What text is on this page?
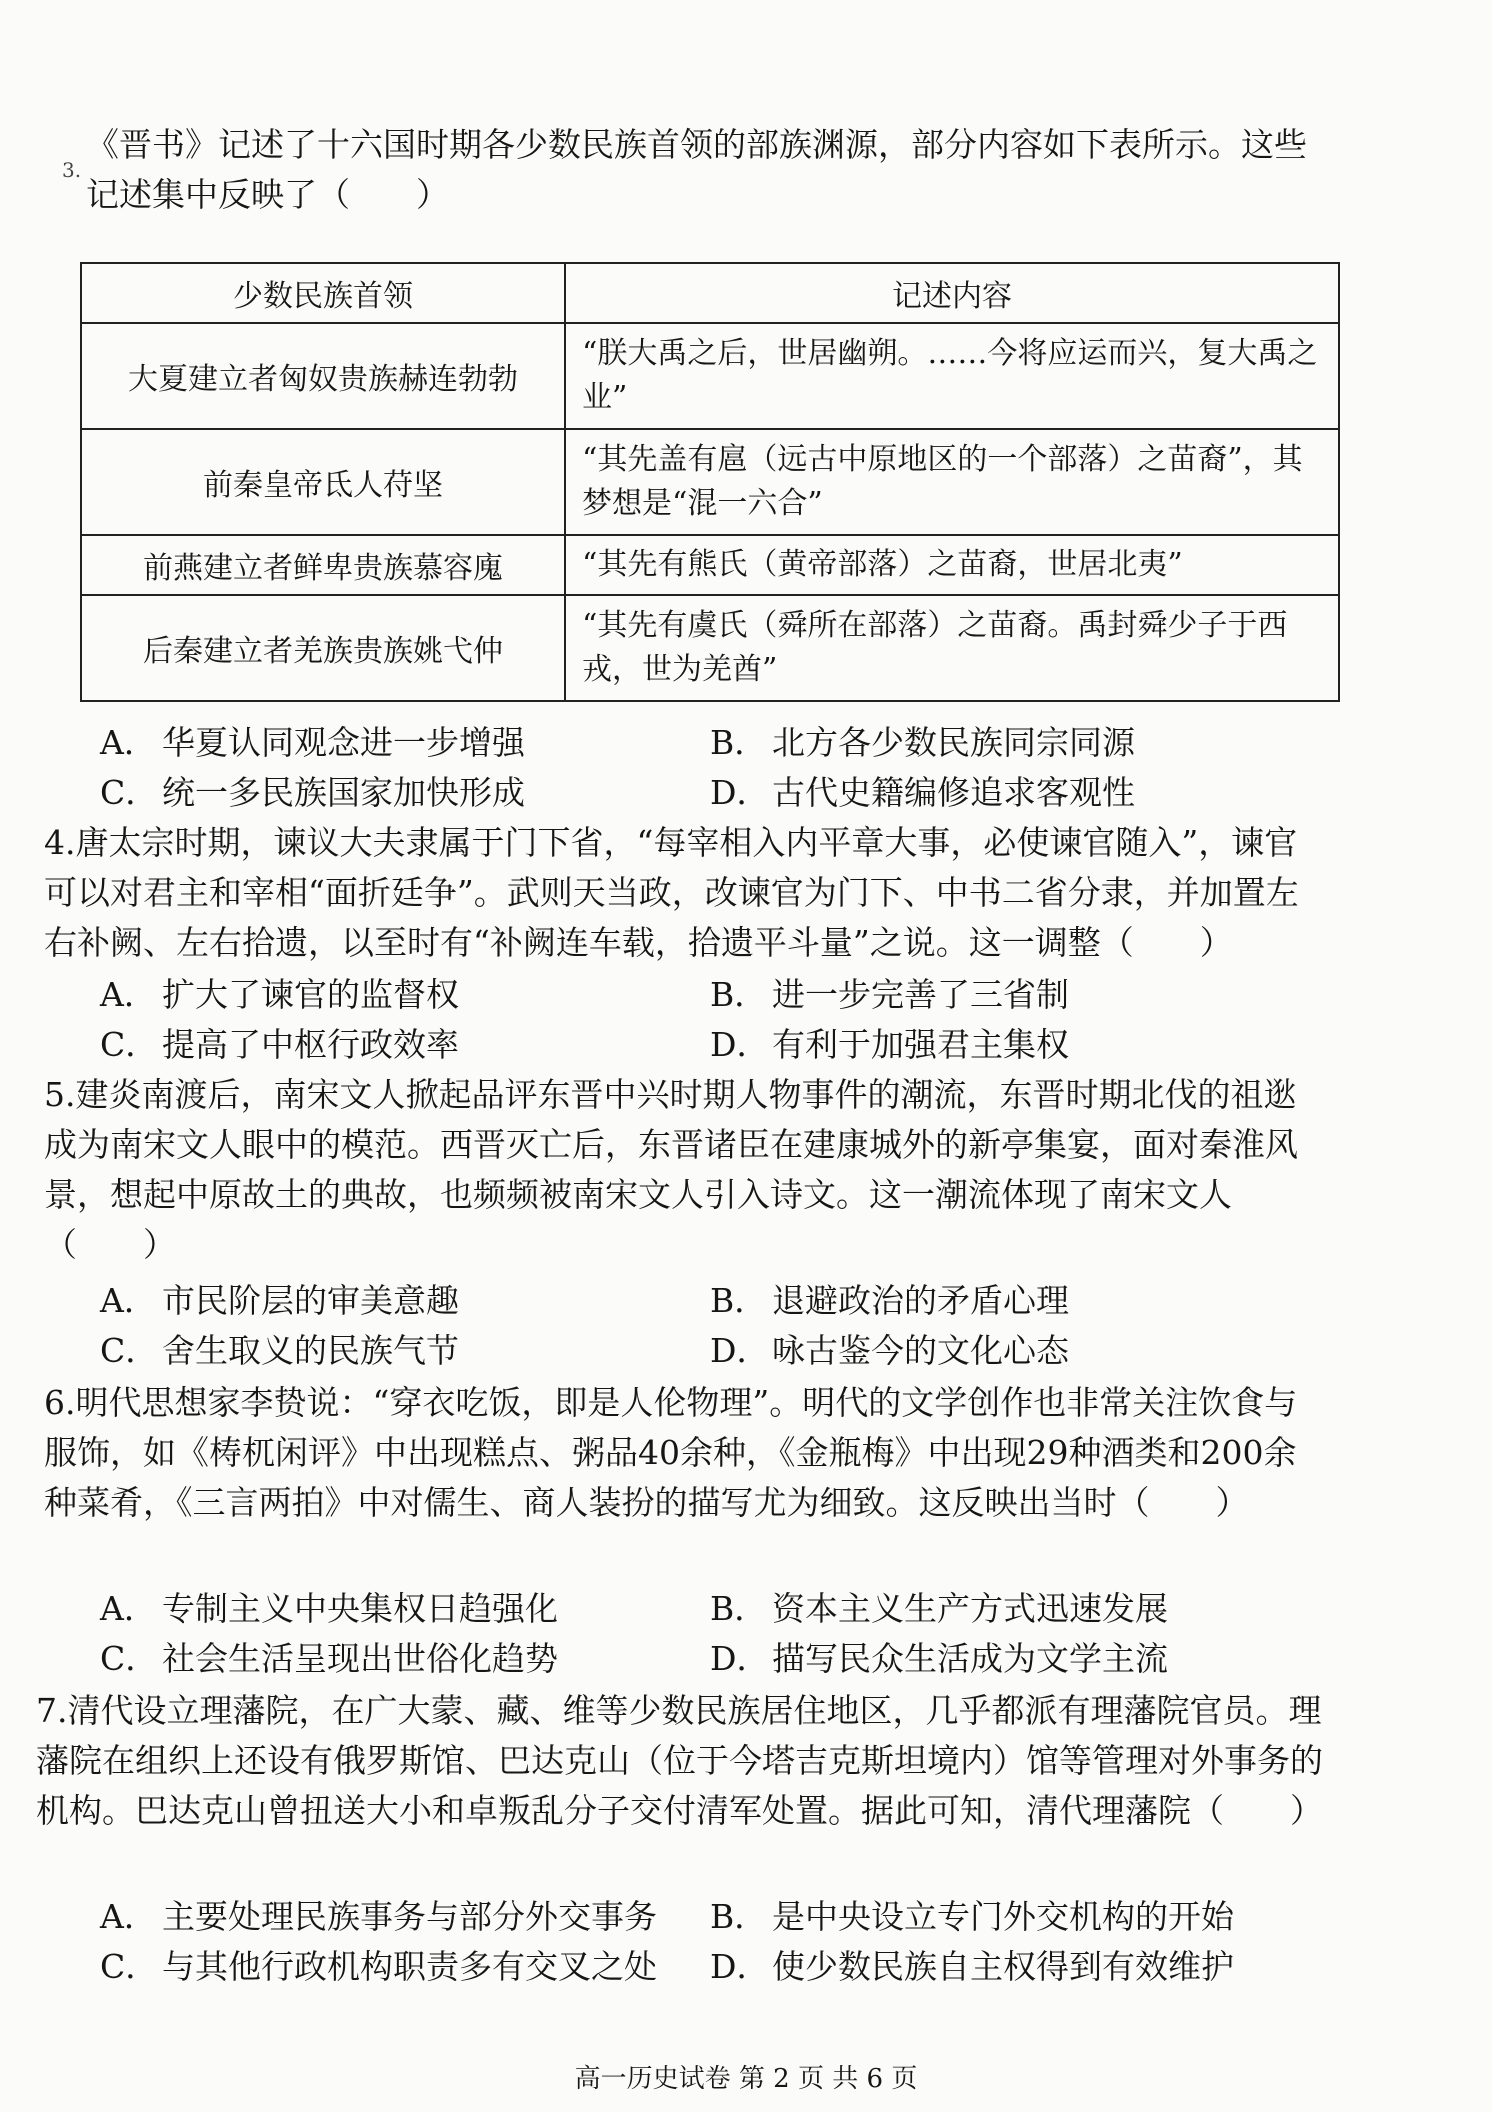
3.

《晋书》记述了十六国时期各少数民族首领的部族渊源，部分内容如下表所示。这些记述集中反映了（　　）

少数民族首领	记述内容
大夏建立者匈奴贵族赫连勃勃	“朕大禹之后，世居幽朔。……今将应运而兴，复大禹之业”
前秦皇帝氐人苻坚	“其先盖有扈（远古中原地区的一个部落）之苗裔”，其梦想是“混一六合”
前燕建立者鲜卑贵族慕容廆	“其先有熊氏（黄帝部落）之苗裔，世居北夷”
后秦建立者羌族贵族姚弋仲	“其先有虞氏（舜所在部落）之苗裔。禹封舜少子于西戎，世为羌酋”
A． 华夏认同观念进一步增强	B． 北方各少数民族同宗同源
C． 统一多民族国家加快形成	D．古代史籍编修追求客观性

4.唐太宗时期，谏议大夫隶属于门下省，“每宰相入内平章大事，必使谏官随入”，谏官可以对君主和宰相“面折廷争”。武则天当政，改谏官为门下、中书二省分隶，并加置左右补阙、左右拾遗，以至时有“补阙连车载，拾遗平斗量”之说。这一调整（　　）

A． 扩大了谏官的监督权	B． 进一步完善了三省制
C． 提高了中枢行政效率	D．有利于加强君主集权

5.建炎南渡后，南宋文人掀起品评东晋中兴时期人物事件的潮流，东晋时期北伐的祖逖成为南宋文人眼中的模范。西晋灭亡后，东晋诸臣在建康城外的新亭集宴，面对秦淮风景，想起中原故土的典故，也频频被南宋文人引入诗文。这一潮流体现了南宋文人（　　）

A． 市民阶层的审美意趣	B． 退避政治的矛盾心理
C． 舍生取义的民族气节	D．咏古鉴今的文化心态

6.明代思想家李贽说：“穿衣吃饭，即是人伦物理”。明代的文学创作也非常关注饮食与服饰，如《梼杌闲评》中出现糕点、粥品40余种，《金瓶梅》中出现29种酒类和200余种菜肴，《三言两拍》中对儒生、商人装扮的描写尤为细致。这反映出当时（　　）

A． 专制主义中央集权日趋强化	B． 资本主义生产方式迅速发展
C． 社会生活呈现出世俗化趋势	D．描写民众生活成为文学主流

7.清代设立理藩院，在广大蒙、藏、维等少数民族居住地区，几乎都派有理藩院官员。理藩院在组织上还设有俄罗斯馆、巴达克山（位于今塔吉克斯坦境内）馆等管理对外事务的机构。巴达克山曾扭送大小和卓叛乱分子交付清军处置。据此可知，清代理藩院（　　）

A． 主要处理民族事务与部分外交事务	B． 是中央设立专门外交机构的开始
C． 与其他行政机构职责多有交叉之处	D．使少数民族自主权得到有效维护
高一历史试卷 第 2 页 共 6 页
